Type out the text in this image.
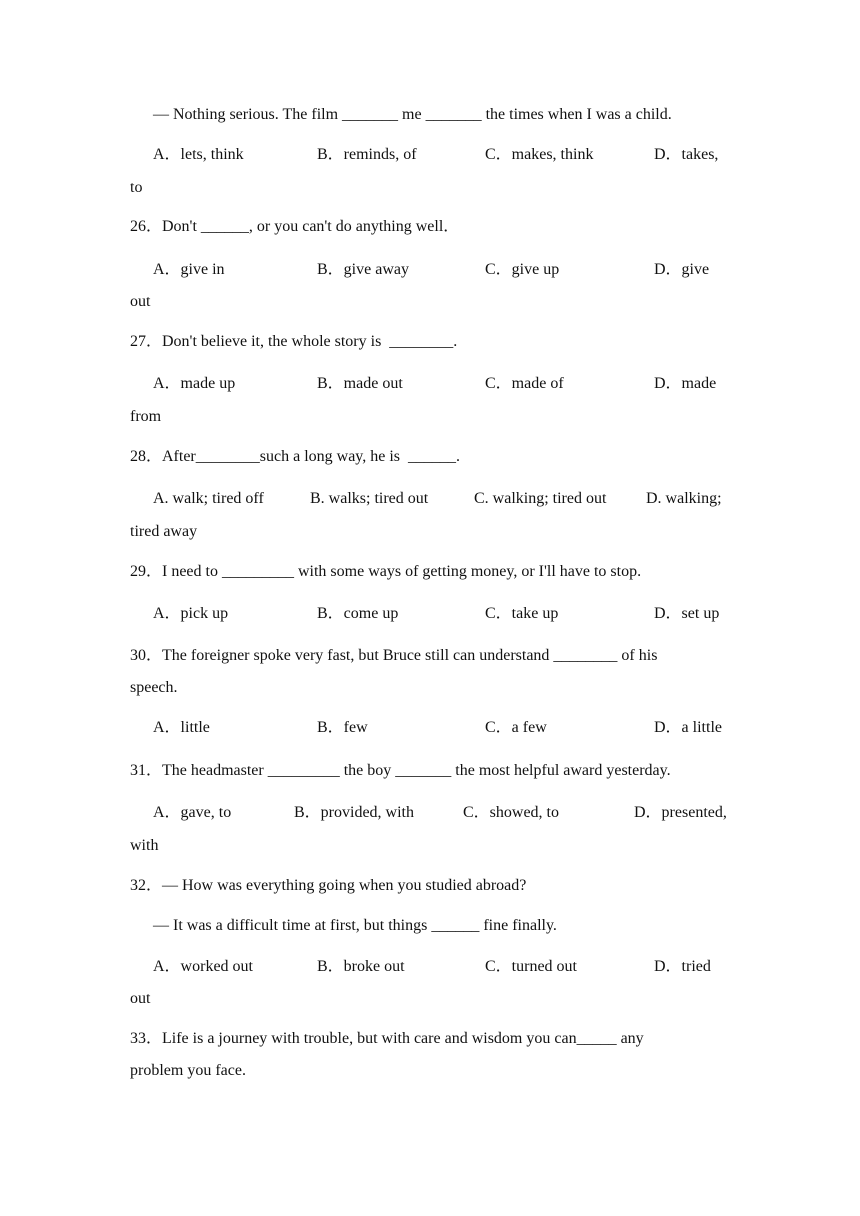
— Nothing serious. The film _______ me _______ the times when I was a child.
A．lets, think	B．reminds, of	C．makes, think	D．takes,
to
26．Don't ______, or you can't do anything well．
A．give in	B．give away	C．give up	D．give
out
27．Don't believe it, the whole story is  ________.
A．made up	B．made out	C．made of	D．made
from
28．After________such a long way, he is  ______.
A. walk; tired off	B. walks; tired out	C. walking; tired out D. walking;
tired away
29．I need to _________ with some ways of getting money, or I'll have to stop.
A．pick up	B．come up	C．take up	D．set up
30．The foreigner spoke very fast, but Bruce still can understand ________ of his
speech.
A．little	B．few	C．a few	D．a little
31．The headmaster _________ the boy _______ the most helpful award yesterday.
A．gave, to	B．provided, with	C．showed, to	D．presented,
with
32．— How was everything going when you studied abroad?
— It was a difficult time at first, but things ______ fine finally.
A．worked out	B．broke out	C．turned out	D．tried
out
33．Life is a journey with trouble, but with care and wisdom you can_____ any
problem you face.
